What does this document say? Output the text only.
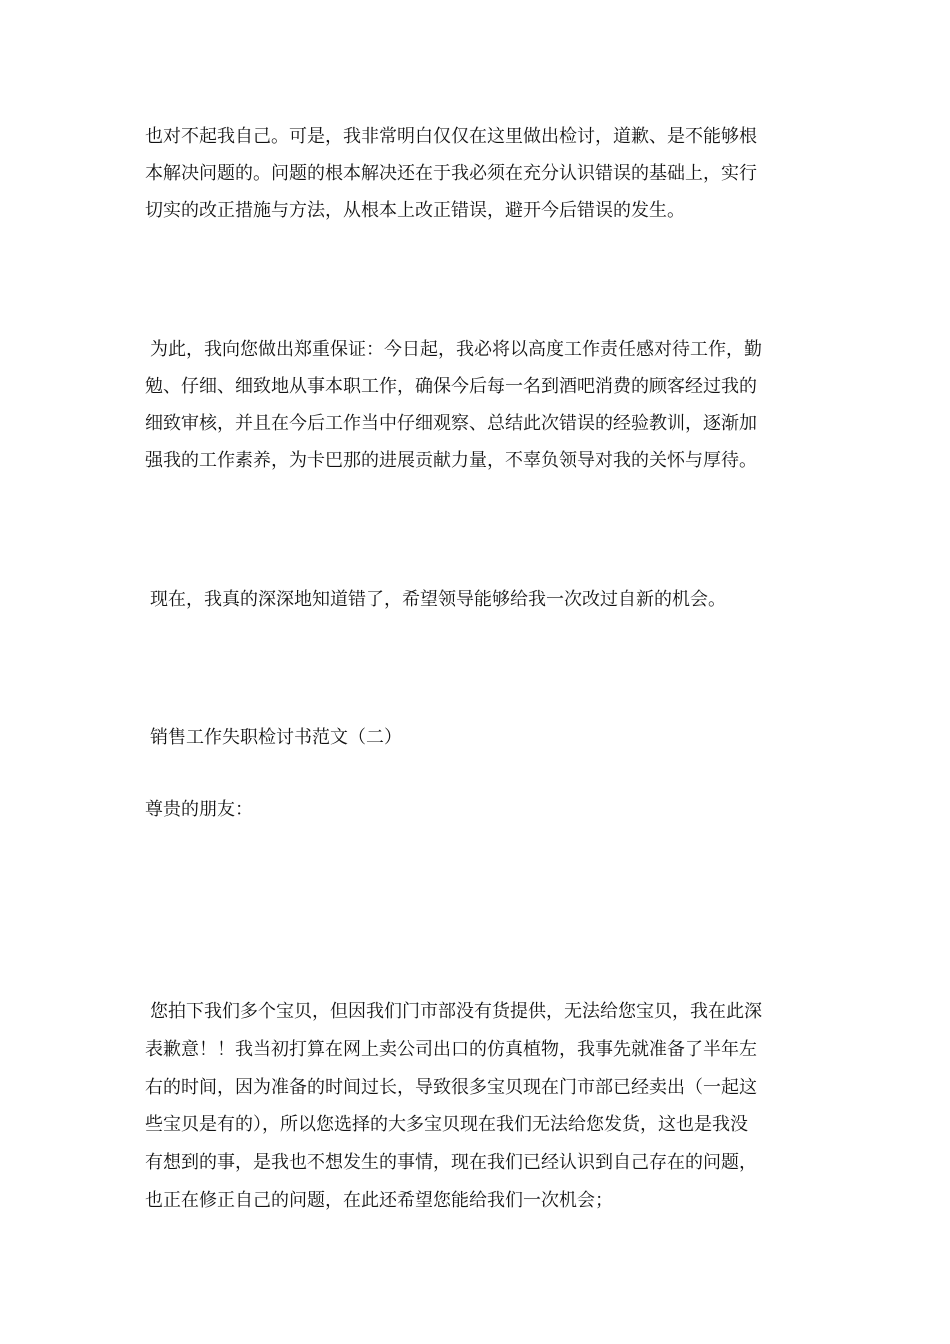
也对不起我自己。可是，我非常明白仅仅在这里做出检讨，道歉、是不能够根
本解决问题的。问题的根本解决还在于我必须在充分认识错误的基础上，实行
切实的改正措施与方法，从根本上改正错误，避开今后错误的发生。
为此，我向您做出郑重保证：今日起，我必将以高度工作责任感对待工作，勤
勉、仔细、细致地从事本职工作，确保今后每一名到酒吧消费的顾客经过我的
细致审核，并且在今后工作当中仔细观察、总结此次错误的经验教训，逐渐加
强我的工作素养，为卡巴那的进展贡献力量，不辜负领导对我的关怀与厚待。
现在，我真的深深地知道错了，希望领导能够给我一次改过自新的机会。
销售工作失职检讨书范文（二）
尊贵的朋友：
您拍下我们多个宝贝，但因我们门市部没有货提供，无法给您宝贝，我在此深
表歉意！！我当初打算在网上卖公司出口的仿真植物，我事先就准备了半年左
右的时间，因为准备的时间过长，导致很多宝贝现在门市部已经卖出（一起这
些宝贝是有的），所以您选择的大多宝贝现在我们无法给您发货，这也是我没
有想到的事，是我也不想发生的事情，现在我们已经认识到自己存在的问题，
也正在修正自己的问题，在此还希望您能给我们一次机会；
